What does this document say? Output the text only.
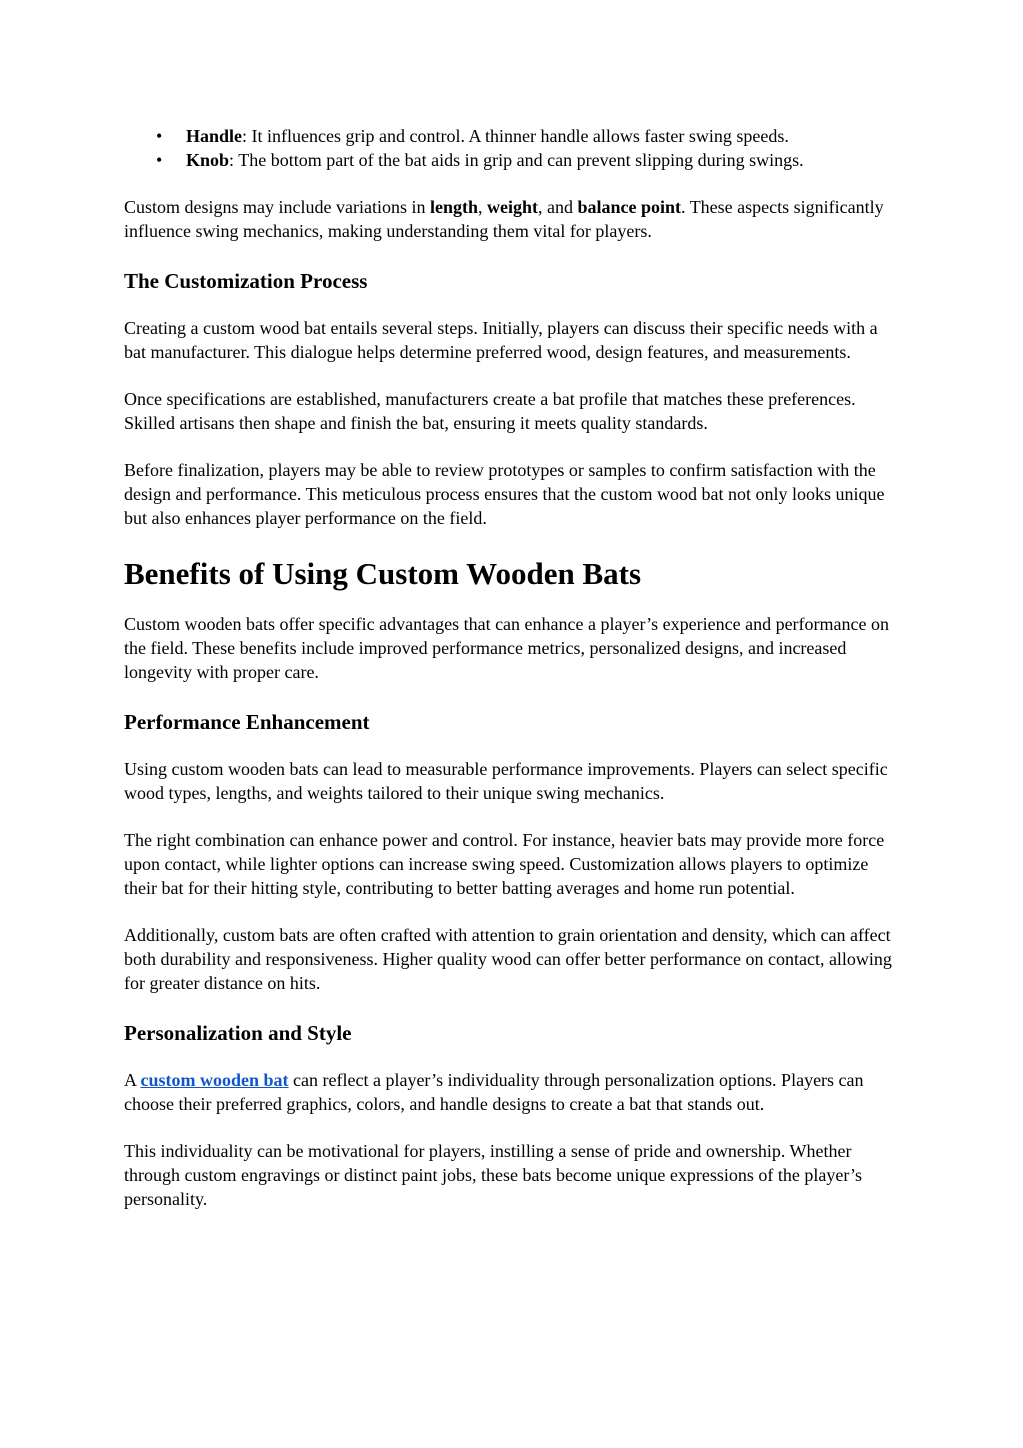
• Handle: It influences grip and control. A thinner handle allows faster swing speeds.
• Knob: The bottom part of the bat aids in grip and can prevent slipping during swings.

Custom designs may include variations in length, weight, and balance point. These aspects significantly influence swing mechanics, making understanding them vital for players.

The Customization Process

Creating a custom wood bat entails several steps. Initially, players can discuss their specific needs with a bat manufacturer. This dialogue helps determine preferred wood, design features, and measurements.

Once specifications are established, manufacturers create a bat profile that matches these preferences. Skilled artisans then shape and finish the bat, ensuring it meets quality standards.

Before finalization, players may be able to review prototypes or samples to confirm satisfaction with the design and performance. This meticulous process ensures that the custom wood bat not only looks unique but also enhances player performance on the field.

Benefits of Using Custom Wooden Bats

Custom wooden bats offer specific advantages that can enhance a player’s experience and performance on the field. These benefits include improved performance metrics, personalized designs, and increased longevity with proper care.

Performance Enhancement

Using custom wooden bats can lead to measurable performance improvements. Players can select specific wood types, lengths, and weights tailored to their unique swing mechanics.

The right combination can enhance power and control. For instance, heavier bats may provide more force upon contact, while lighter options can increase swing speed. Customization allows players to optimize their bat for their hitting style, contributing to better batting averages and home run potential.

Additionally, custom bats are often crafted with attention to grain orientation and density, which can affect both durability and responsiveness. Higher quality wood can offer better performance on contact, allowing for greater distance on hits.

Personalization and Style

A custom wooden bat can reflect a player’s individuality through personalization options. Players can choose their preferred graphics, colors, and handle designs to create a bat that stands out.

This individuality can be motivational for players, instilling a sense of pride and ownership. Whether through custom engravings or distinct paint jobs, these bats become unique expressions of the player’s personality.
